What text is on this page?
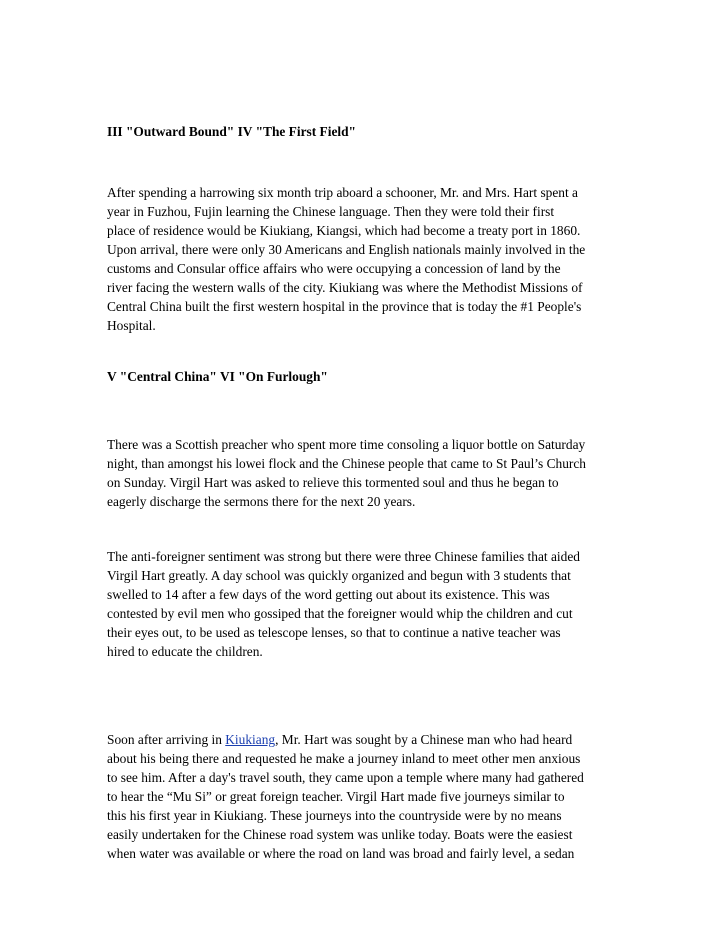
III "Outward Bound" IV "The First Field"

After spending a harrowing six month trip aboard a schooner, Mr. and Mrs. Hart spent a
year in Fuzhou, Fujin learning the Chinese language. Then they were told their first
place of residence would be Kiukiang, Kiangsi, which had become a treaty port in 1860.
Upon arrival, there were only 30 Americans and English nationals mainly involved in the
customs and Consular office affairs who were occupying a concession of land by the
river facing the western walls of the city. Kiukiang was where the Methodist Missions of
Central China built the first western hospital in the province that is today the #1 People's
Hospital.

V "Central China" VI "On Furlough"

There was a Scottish preacher who spent more time consoling a liquor bottle on Saturday
night, than amongst his lowei flock and the Chinese people that came to St Paul’s Church
on Sunday. Virgil Hart was asked to relieve this tormented soul and thus he began to
eagerly discharge the sermons there for the next 20 years.

The anti-foreigner sentiment was strong but there were three Chinese families that aided
Virgil Hart greatly. A day school was quickly organized and begun with 3 students that
swelled to 14 after a few days of the word getting out about its existence. This was
contested by evil men who gossiped that the foreigner would whip the children and cut
their eyes out, to be used as telescope lenses, so that to continue a native teacher was
hired to educate the children.

Soon after arriving in Kiukiang, Mr. Hart was sought by a Chinese man who had heard
about his being there and requested he make a journey inland to meet other men anxious
to see him. After a day's travel south, they came upon a temple where many had gathered
to hear the “Mu Si” or great foreign teacher. Virgil Hart made five journeys similar to
this his first year in Kiukiang. These journeys into the countryside were by no means
easily undertaken for the Chinese road system was unlike today. Boats were the easiest
when water was available or where the road on land was broad and fairly level, a sedan
